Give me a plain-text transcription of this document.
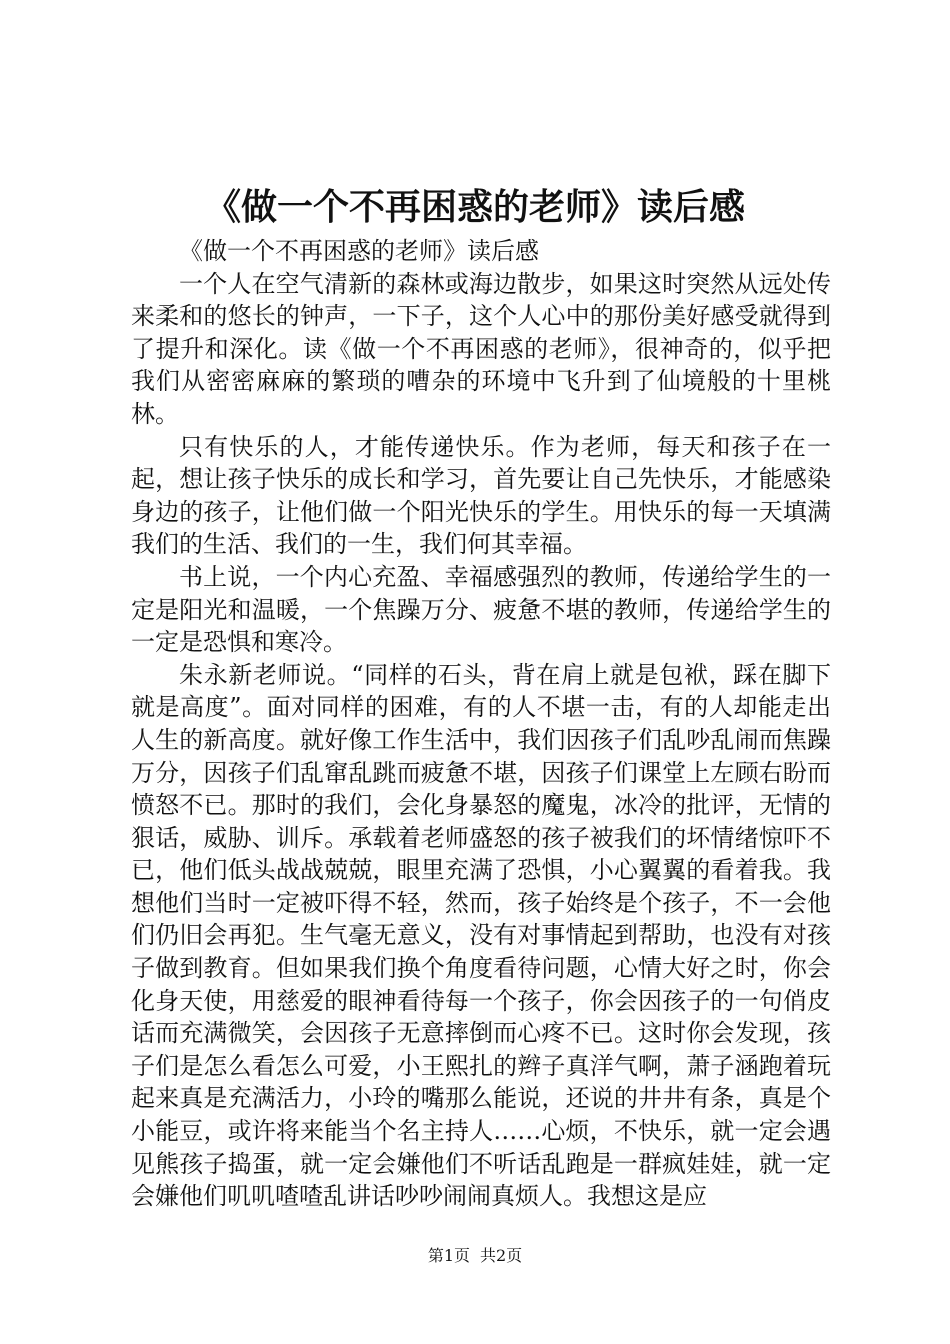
《做一个不再困惑的老师》读后感

《做一个不再困惑的老师》读后感

一个人在空气清新的森林或海边散步，如果这时突然从远处传来柔和的悠长的钟声，一下子，这个人心中的那份美好感受就得到了提升和深化。读《做一个不再困惑的老师》，很神奇的，似乎把我们从密密麻麻的繁琐的嘈杂的环境中飞升到了仙境般的十里桃林。

只有快乐的人，才能传递快乐。作为老师，每天和孩子在一起，想让孩子快乐的成长和学习，首先要让自己先快乐，才能感染身边的孩子，让他们做一个阳光快乐的学生。用快乐的每一天填满我们的生活、我们的一生，我们何其幸福。

书上说，一个内心充盈、幸福感强烈的教师，传递给学生的一定是阳光和温暖，一个焦躁万分、疲惫不堪的教师，传递给学生的一定是恐惧和寒冷。

朱永新老师说。“同样的石头，背在肩上就是包袱，踩在脚下就是高度”。面对同样的困难，有的人不堪一击，有的人却能走出人生的新高度。就好像工作生活中，我们因孩子们乱吵乱闹而焦躁万分，因孩子们乱窜乱跳而疲惫不堪，因孩子们课堂上左顾右盼而愤怒不已。那时的我们，会化身暴怒的魔鬼，冰冷的批评，无情的狠话，威胁、训斥。承载着老师盛怒的孩子被我们的坏情绪惊吓不已，他们低头战战兢兢，眼里充满了恐惧，小心翼翼的看着我。我想他们当时一定被吓得不轻，然而，孩子始终是个孩子，不一会他们仍旧会再犯。生气毫无意义，没有对事情起到帮助，也没有对孩子做到教育。但如果我们换个角度看待问题，心情大好之时，你会化身天使，用慈爱的眼神看待每一个孩子，你会因孩子的一句俏皮话而充满微笑，会因孩子无意摔倒而心疼不已。这时你会发现，孩子们是怎么看怎么可爱，小王熙扎的辫子真洋气啊，萧子涵跑着玩起来真是充满活力，小玲的嘴那么能说，还说的井井有条，真是个小能豆，或许将来能当个名主持人……心烦，不快乐，就一定会遇见熊孩子捣蛋，就一定会嫌他们不听话乱跑是一群疯娃娃，就一定会嫌他们叽叽喳喳乱讲话吵吵闹闹真烦人。我想这是应

第1页 共2页
